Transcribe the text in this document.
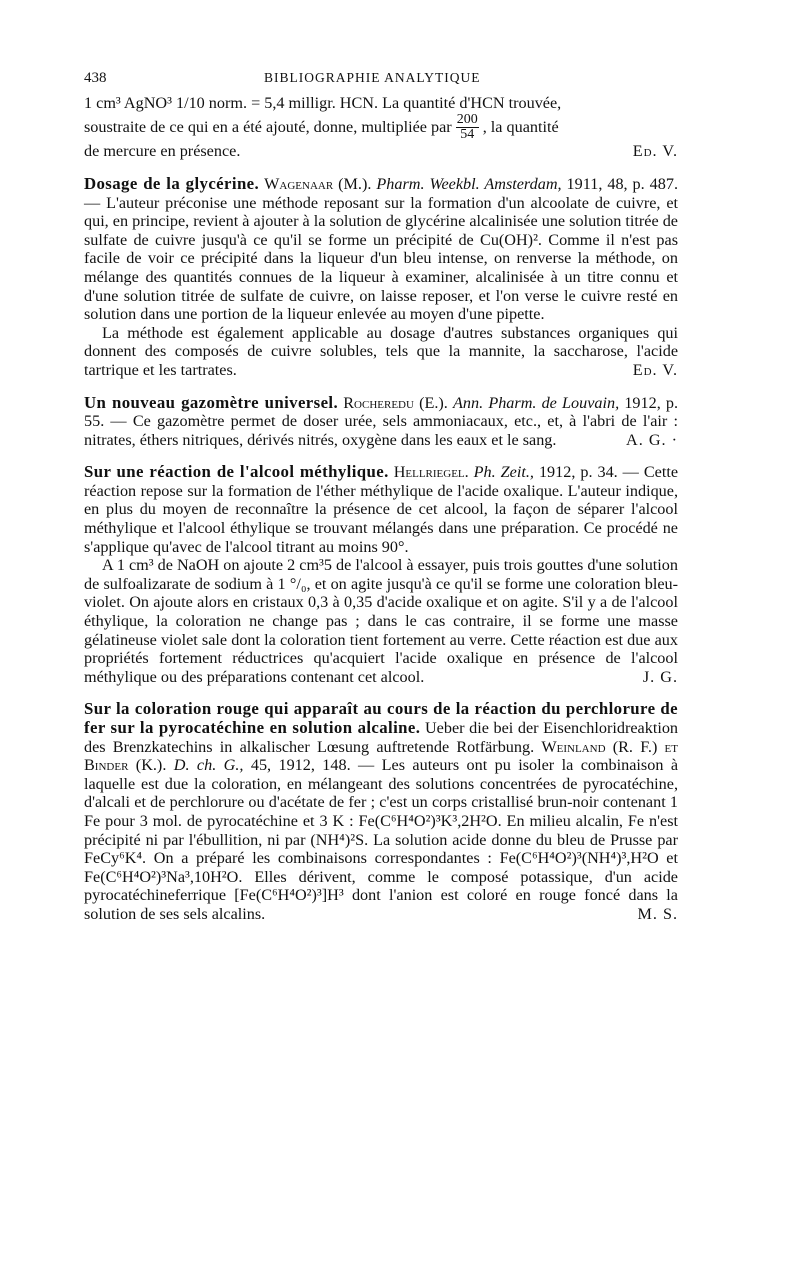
438	BIBLIOGRAPHIE ANALYTIQUE

1 cm³ AgNO³ 1/10 norm. = 5,4 milligr. HCN. La quantité d'HCN trouvée,

soustraite de ce qui en a été ajouté, donne, multipliée par $\frac{200}{54}$ , la quantité

de mercure en présence.	Ed. V.

Dosage de la glycérine. Wagenaar (M.). Pharm. Weekbl. Amsterdam, 1911, 48, p. 487. — L'auteur préconise une méthode reposant sur la formation d'un alcoolate de cuivre, et qui, en principe, revient à ajouter à la solution de glycérine alcalinisée une solution titrée de sulfate de cuivre jusqu'à ce qu'il se forme un précipité de Cu(OH)². Comme il n'est pas facile de voir ce précipité dans la liqueur d'un bleu intense, on renverse la méthode, on mélange des quantités connues de la liqueur à examiner, alcalinisée à un titre connu et d'une solution titrée de sulfate de cuivre, on laisse reposer, et l'on verse le cuivre resté en solution dans une portion de la liqueur enlevée au moyen d'une pipette.

La méthode est également applicable au dosage d'autres substances organiques qui donnent des composés de cuivre solubles, tels que la mannite, la saccharose, l'acide tartrique et les tartrates.	Ed. V.

Un nouveau gazomètre universel. Rocheredu (E.). Ann. Pharm. de Louvain, 1912, p. 55. — Ce gazomètre permet de doser urée, sels ammoniacaux, etc., et, à l'abri de l'air : nitrates, éthers nitriques, dérivés nitrés, oxygène dans les eaux et le sang.	A. G. ·

Sur une réaction de l'alcool méthylique. Hellriegel. Ph. Zeit., 1912, p. 34. — Cette réaction repose sur la formation de l'éther méthylique de l'acide oxalique. L'auteur indique, en plus du moyen de reconnaître la présence de cet alcool, la façon de séparer l'alcool méthylique et l'alcool éthylique se trouvant mélangés dans une préparation. Ce procédé ne s'applique qu'avec de l'alcool titrant au moins 90°.

A 1 cm³ de NaOH on ajoute 2 cm³5 de l'alcool à essayer, puis trois gouttes d'une solution de sulfoalizarate de sodium à 1 °/₀, et on agite jusqu'à ce qu'il se forme une coloration bleu-violet. On ajoute alors en cristaux 0,3 à 0,35 d'acide oxalique et on agite. S'il y a de l'alcool éthylique, la coloration ne change pas ; dans le cas contraire, il se forme une masse gélatineuse violet sale dont la coloration tient fortement au verre. Cette réaction est due aux propriétés fortement réductrices qu'acquiert l'acide oxalique en présence de l'alcool méthylique ou des préparations contenant cet alcool.	J. G.

Sur la coloration rouge qui apparaît au cours de la réaction du perchlorure de fer sur la pyrocatéchine en solution alcaline. Ueber die bei der Eisenchloridreaktion des Brenzkatechins in alkalischer Lœsung auftretende Rotfärbung. Weinland (R. F.) et Binder (K.). D. ch. G., 45, 1912, 148. — Les auteurs ont pu isoler la combinaison à laquelle est due la coloration, en mélangeant des solutions concentrées de pyrocatéchine, d'alcali et de perchlorure ou d'acétate de fer ; c'est un corps cristallisé brun-noir contenant 1 Fe pour 3 mol. de pyrocatéchine et 3 K : Fe(C⁶H⁴O²)³K³,2H²O. En milieu alcalin, Fe n'est précipité ni par l'ébullition, ni par (NH⁴)²S. La solution acide donne du bleu de Prusse par FeCy⁶K⁴. On a préparé les combinaisons correspondantes : Fe(C⁶H⁴O²)³(NH⁴)³,H²O et Fe(C⁶H⁴O²)³Na³,10H²O. Elles dérivent, comme le composé potassique, d'un acide pyrocatéchineferrique [Fe(C⁶H⁴O²)³]H³ dont l'anion est coloré en rouge foncé dans la solution de ses sels alcalins.	M. S.
